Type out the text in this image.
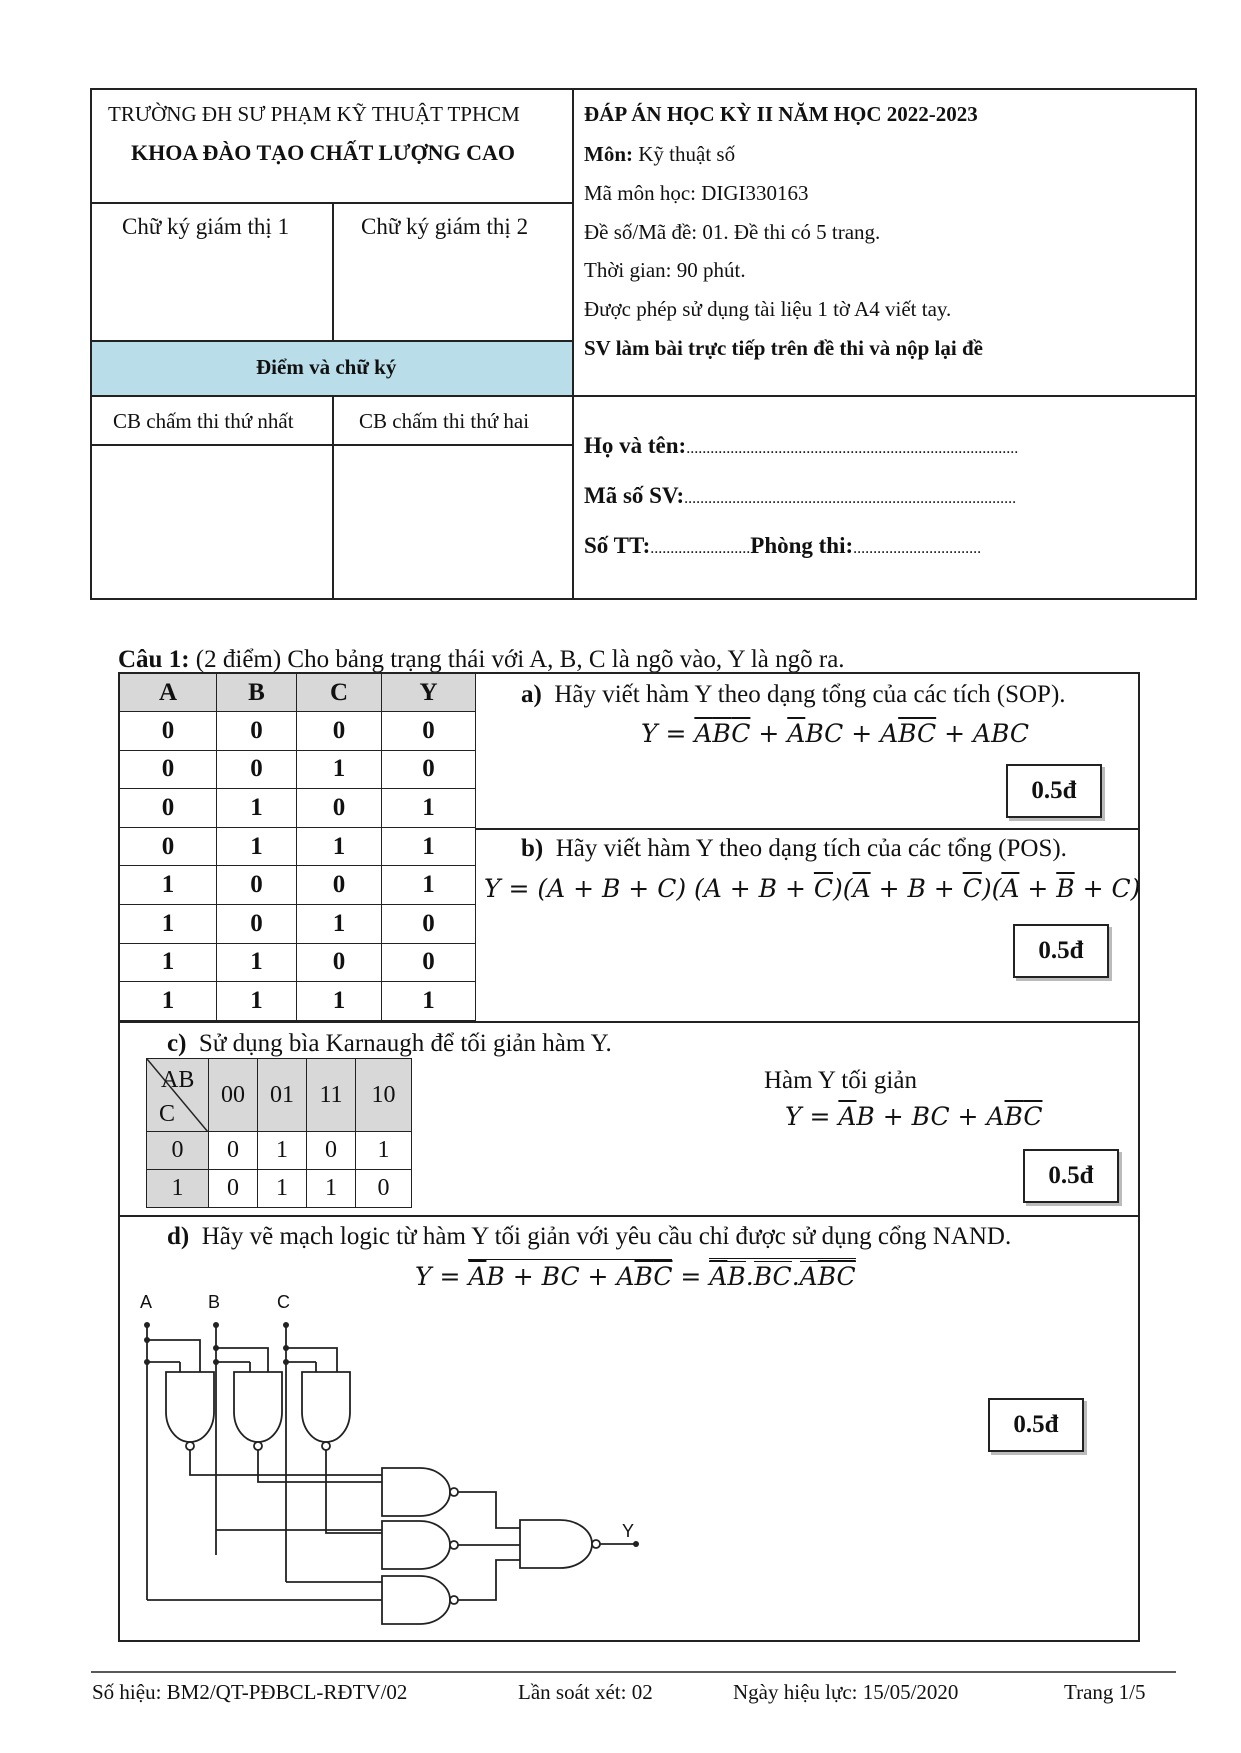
TRƯỜNG ĐH SƯ PHẠM KỸ THUẬT TPHCM
KHOA ĐÀO TẠO CHẤT LƯỢNG CAO
Chữ ký giám thị 1	Chữ ký giám thị 2
Điểm và chữ ký
CB chấm thi thứ nhất	CB chấm thi thứ hai
ĐÁP ÁN HỌC KỲ II NĂM HỌC 2022-2023
Môn: Kỹ thuật số
Mã môn học: DIGI330163
Đề số/Mã đề: 01. Đề thi có 5 trang.
Thời gian: 90 phút.
Được phép sử dụng tài liệu 1 tờ A4 viết tay.
SV làm bài trực tiếp trên đề thi và nộp lại đề
Họ và tên:...................................................................................
Mã số SV:...................................................................................
Số TT:.........................Phòng thi:................................
Câu 1: (2 điểm) Cho bảng trạng thái với A, B, C là ngõ vào, Y là ngõ ra.
A	B	C	Y
0	0	0	0
0	0	1	0
0	1	0	1
0	1	1	1
1	0	0	1
1	0	1	0
1	1	0	0
1	1	1	1
a) Hãy viết hàm Y theo dạng tổng của các tích (SOP).
$Y = \overline{A}\overline{B}\overline{C} + \overline{A}BC + A\overline{B}\overline{C}$ + ABC
0.5đ
b) Hãy viết hàm Y theo dạng tích của các tổng (POS).
Y = (A + B + C) $(A + B + \overline{C})(\overline{A} + B + \overline{C})(\overline{A} + \overline{B} + C)$
0.5đ
c) Sử dụng bìa Karnaugh để tối giản hàm Y.
AB
C	00	01	11	10
0	0	1	0	1
1	0	1	1	0
Hàm Y tối giản
$Y = \overline{A}B$ + BC + $A\overline{B}\overline{C}$
0.5đ
d) Hãy vẽ mạch logic từ hàm Y tối giản với yêu cầu chỉ được sử dụng cổng NAND.
$Y = \overline{A}B$ + BC + $A\overline{B}\overline{C} = \overline{A}B.BC.A\overline{B}\overline{C}$
0.5đ
A	B	C
Y
Số hiệu: BM2/QT-PĐBCL-RĐTV/02	Lần soát xét: 02	Ngày hiệu lực: 15/05/2020	Trang 1/5
